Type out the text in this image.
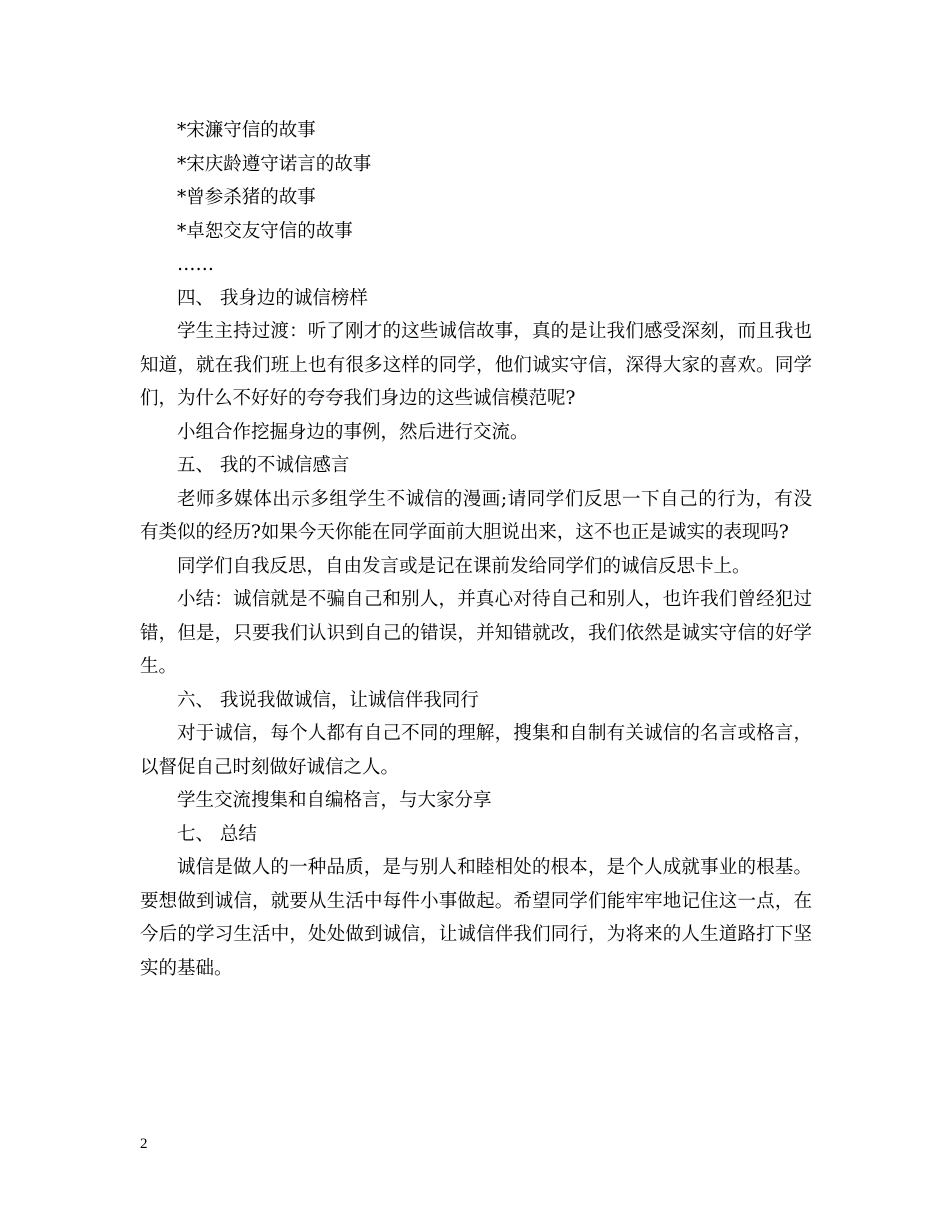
*宋濂守信的故事

*宋庆龄遵守诺言的故事

*曾参杀猪的故事

*卓恕交友守信的故事

……

四、 我身边的诚信榜样

学生主持过渡：听了刚才的这些诚信故事，真的是让我们感受深刻，而且我也知道，就在我们班上也有很多这样的同学，他们诚实守信，深得大家的喜欢。同学们，为什么不好好的夸夸我们身边的这些诚信模范呢?

小组合作挖掘身边的事例，然后进行交流。

五、 我的不诚信感言

老师多媒体出示多组学生不诚信的漫画;请同学们反思一下自己的行为，有没有类似的经历?如果今天你能在同学面前大胆说出来，这不也正是诚实的表现吗?

同学们自我反思，自由发言或是记在课前发给同学们的诚信反思卡上。

小结：诚信就是不骗自己和别人，并真心对待自己和别人，也许我们曾经犯过错，但是，只要我们认识到自己的错误，并知错就改，我们依然是诚实守信的好学生。

六、 我说我做诚信，让诚信伴我同行

对于诚信，每个人都有自己不同的理解，搜集和自制有关诚信的名言或格言，以督促自己时刻做好诚信之人。

学生交流搜集和自编格言，与大家分享

七、 总结

诚信是做人的一种品质，是与别人和睦相处的根本，是个人成就事业的根基。要想做到诚信，就要从生活中每件小事做起。希望同学们能牢牢地记住这一点，在今后的学习生活中，处处做到诚信，让诚信伴我们同行，为将来的人生道路打下坚实的基础。

2
